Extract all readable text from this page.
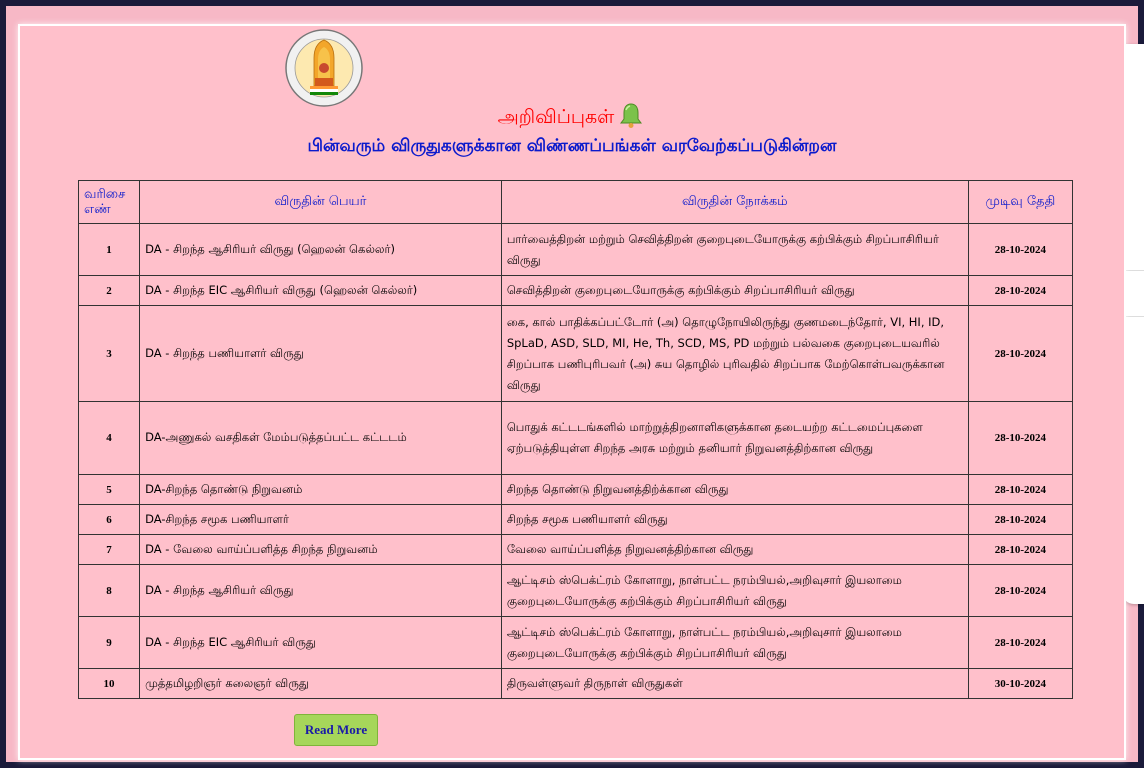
அறிவிப்புகள்
பின்வரும் விருதுகளுக்கான விண்ணப்பங்கள் வரவேற்கப்படுகின்றன
வரிசை எண்	விருதின் பெயர்	விருதின் நோக்கம்	முடிவு தேதி
1	DA - சிறந்த ஆசிரியர் விருது (ஹெலன் கெல்லர்)	பார்வைத்திறன் மற்றும் செவித்திறன் குறைபுடையோருக்கு கற்பிக்கும் சிறப்பாசிரியர் விருது	28-10-2024
2	DA - சிறந்த EIC ஆசிரியர் விருது (ஹெலன் கெல்லர்)	செவித்திறன் குறைபுடையோருக்கு கற்பிக்கும் சிறப்பாசிரியர் விருது	28-10-2024
3	DA - சிறந்த பணியாளர் விருது	கை, கால் பாதிக்கப்பட்டோர் (அ) தொழுநோயிலிருந்து குணமடைந்தோர், VI, HI, ID, SpLaD, ASD, SLD, MI, He, Th, SCD, MS, PD மற்றும் பல்வகை குறைபுடையவரில் சிறப்பாக பணிபுரிபவர் (அ) சுய தொழில் புரிவதில் சிறப்பாக மேற்கொள்பவருக்கான விருது	28-10-2024
4	DA-அணுகல் வசதிகள் மேம்படுத்தப்பட்ட கட்டடம்	பொதுக் கட்டடங்களில் மாற்றுத்திறனாளிகளுக்கான தடையற்ற கட்டமைப்புகளை ஏற்படுத்தியுள்ள சிறந்த அரசு மற்றும் தனியார் நிறுவனத்திற்கான விருது	28-10-2024
5	DA-சிறந்த தொண்டு நிறுவனம்	சிறந்த தொண்டு நிறுவனத்திற்க்கான விருது	28-10-2024
6	DA-சிறந்த சமூக பணியாளர்	சிறந்த சமூக பணியாளர் விருது	28-10-2024
7	DA - வேலை வாய்ப்பளித்த சிறந்த நிறுவனம்	வேலை வாய்ப்பளித்த நிறுவனத்திற்கான விருது	28-10-2024
8	DA - சிறந்த ஆசிரியர் விருது	ஆட்டிசம் ஸ்பெக்ட்ரம் கோளாறு, நாள்பட்ட நரம்பியல்,அறிவுசார் இயலாமை குறைபுடையோருக்கு கற்பிக்கும் சிறப்பாசிரியர் விருது	28-10-2024
9	DA - சிறந்த EIC ஆசிரியர் விருது	ஆட்டிசம் ஸ்பெக்ட்ரம் கோளாறு, நாள்பட்ட நரம்பியல்,அறிவுசார் இயலாமை குறைபுடையோருக்கு கற்பிக்கும் சிறப்பாசிரியர் விருது	28-10-2024
10	முத்தமிழறிஞர் கலைஞர் விருது	திருவள்ளுவர் திருநாள் விருதுகள்	30-10-2024
Read More
